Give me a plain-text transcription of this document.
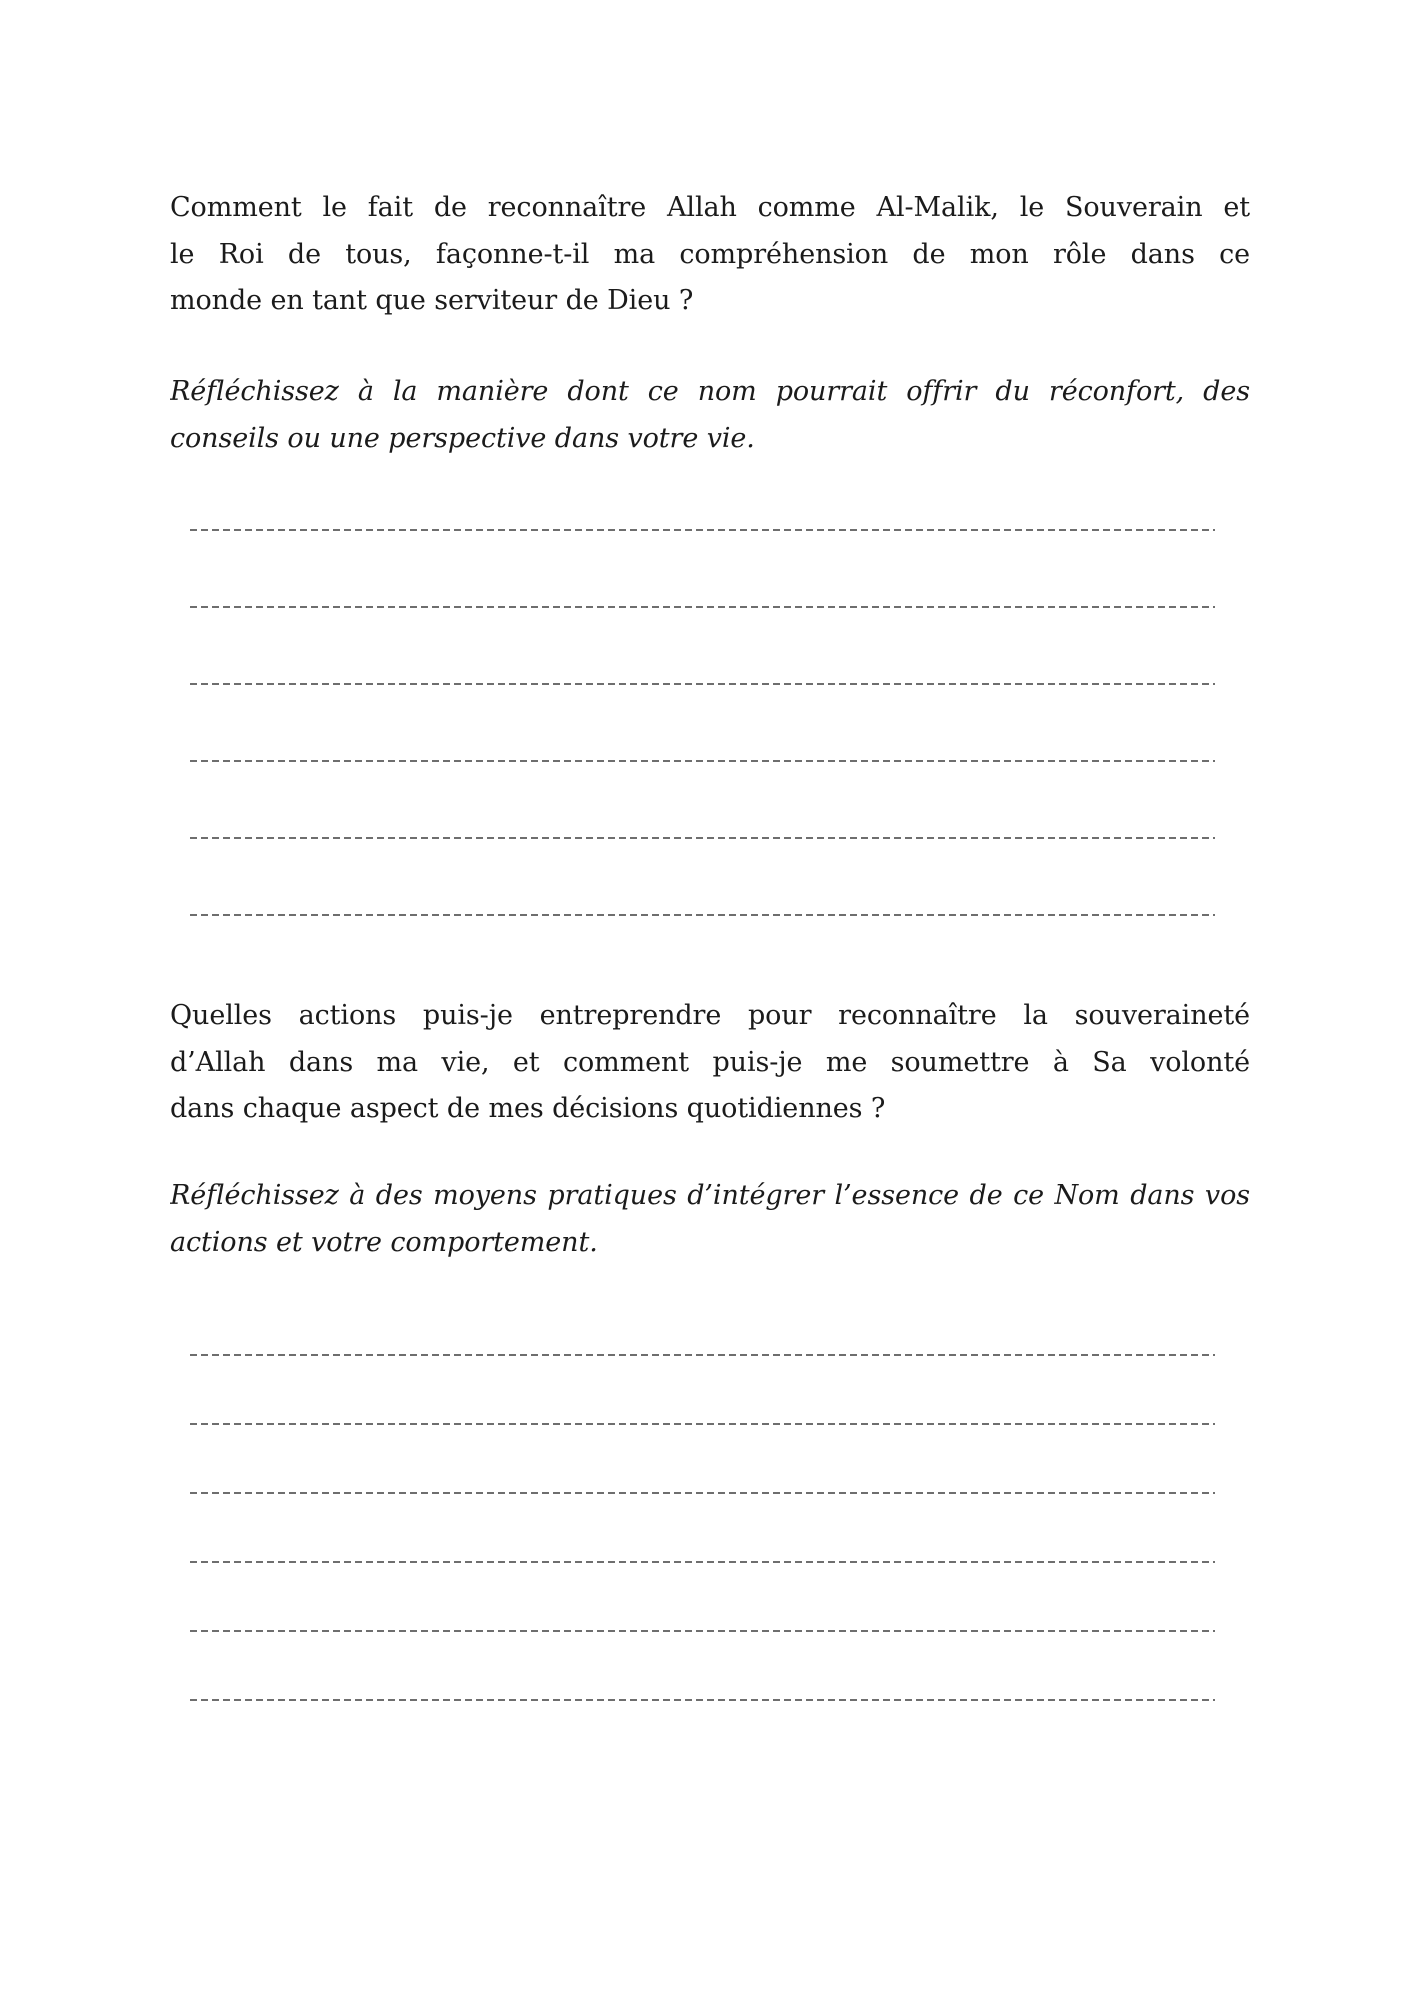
Comment le fait de reconnaître Allah comme Al-Malik, le Souverain et
le Roi de tous, façonne-t-il ma compréhension de mon rôle dans ce
monde en tant que serviteur de Dieu ?
Réfléchissez à la manière dont ce nom pourrait offrir du réconfort, des
conseils ou une perspective dans votre vie.
Quelles actions puis-je entreprendre pour reconnaître la souveraineté
d’Allah dans ma vie, et comment puis-je me soumettre à Sa volonté
dans chaque aspect de mes décisions quotidiennes ?
Réfléchissez à des moyens pratiques d’intégrer l’essence de ce Nom dans vos
actions et votre comportement.
